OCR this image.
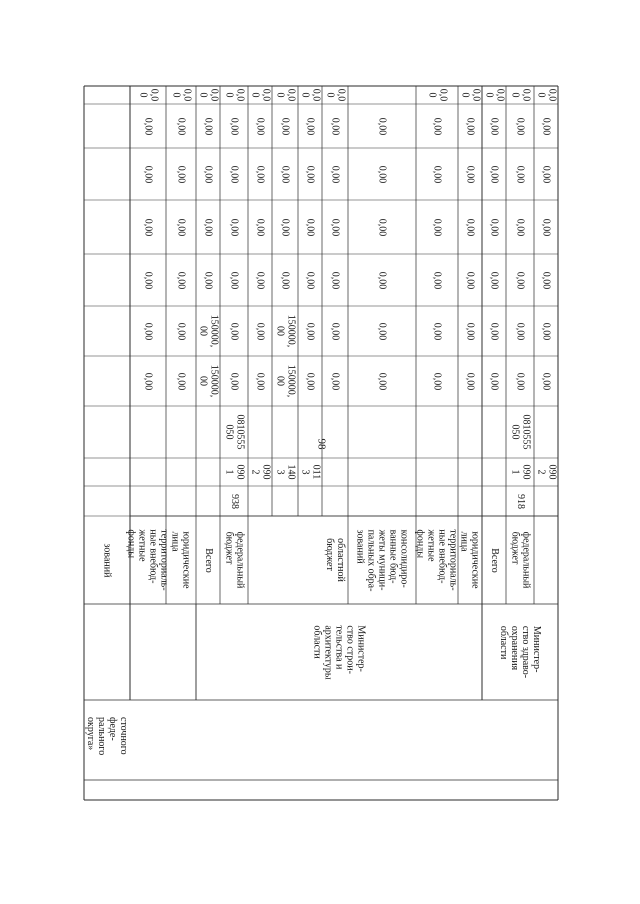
98
сточного феде-
рального округа»
зований	территориаль-
ные внебюд-
жетные фонды
0,00
0,00
0,00
0,00
0,00
0,00
0,0
0
юридические
лица
0,00
0,00
0,00
0,00
0,00
0,00
0,0
0
Министер-
ство строи-
тельства и
архитектуры
области
Всего
150000,
00
150000,
00
0,00
0,00
0,00
0,00
0,0
0
федеральный
бюджет
938
090
1
0810555
050
0,00
0,00
0,00
0,00
0,00
0,00
0,0
0
090
2
0,00
0,00
0,00
0,00
0,00
0,00
0,0
0
140
3
150000,
00
150000,
00
0,00
0,00
0,00
0,00
0,0
0
011
3
0,00
0,00
0,00
0,00
0,00
0,00
0,0
0
областной
бюджет
0,00
0,00
0,00
0,00
0,00
0,00
0,0
0
консолидиро-
ванные бюд-
жеты муници-
пальных обра-
зований
0,00
0,00
0,00
0,00
0,00
0,00
территориаль-
ные внебюд-
жетные фонды
0,00
0,00
0,00
0,00
0,00
0,00
0,0
0
юридические
лица
0,00
0,00
0,00
0,00
0,00
0,00
0,0
0
Министер-
ство здраво-
охранения
области
Всего
0,00
0,00
0,00
0,00
0,00
0,00
0,0
0
федеральный
бюджет
918
090
1
0810555
050
0,00
0,00
0,00
0,00
0,00
0,00
0,0
0
090
2
0,00
0,00
0,00
0,00
0,00
0,00
0,0
0
